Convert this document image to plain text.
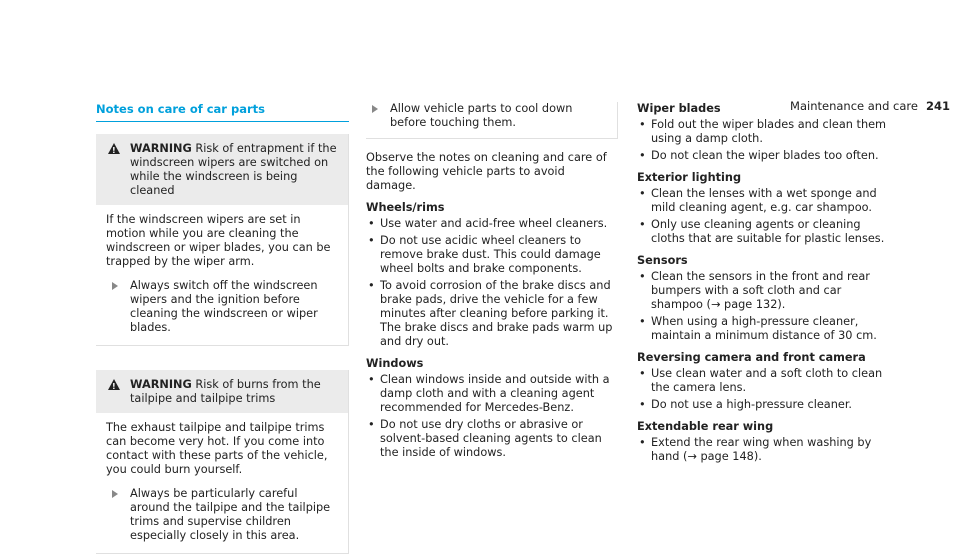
Maintenance and care 241
Notes on care of car parts
!
WARNING Risk of entrapment if the windscreen wipers are switched on while the windscreen is being cleaned

If the windscreen wipers are set in motion while you are cleaning the windscreen or wiper blades, you can be trapped by the wiper arm.

Always switch off the windscreen wipers and the ignition before cleaning the windscreen or wiper blades.
!
WARNING Risk of burns from the tailpipe and tailpipe trims

The exhaust tailpipe and tailpipe trims can become very hot. If you come into contact with these parts of the vehicle, you could burn yourself.

Always be particularly careful around the tailpipe and the tailpipe trims and supervise children especially closely in this area.
Allow vehicle parts to cool down before touching them.

Observe the notes on cleaning and care of the following vehicle parts to avoid damage.

Wheels/rims
• Use water and acid-free wheel cleaners.
• Do not use acidic wheel cleaners to remove brake dust. This could damage wheel bolts and brake components.
• To avoid corrosion of the brake discs and brake pads, drive the vehicle for a few minutes after cleaning before parking it. The brake discs and brake pads warm up and dry out.
Windows
• Clean windows inside and outside with a damp cloth and with a cleaning agent recommended for Mercedes-Benz.
• Do not use dry cloths or abrasive or solvent-based cleaning agents to clean the inside of windows.
Wiper blades
• Fold out the wiper blades and clean them using a damp cloth.
• Do not clean the wiper blades too often.
Exterior lighting
• Clean the lenses with a wet sponge and mild cleaning agent, e.g. car shampoo.
• Only use cleaning agents or cleaning cloths that are suitable for plastic lenses.
Sensors
• Clean the sensors in the front and rear bumpers with a soft cloth and car shampoo (→ page 132).
• When using a high-pressure cleaner, maintain a minimum distance of 30 cm.
Reversing camera and front camera
• Use clean water and a soft cloth to clean the camera lens.
• Do not use a high-pressure cleaner.
Extendable rear wing
• Extend the rear wing when washing by hand (→ page 148).
